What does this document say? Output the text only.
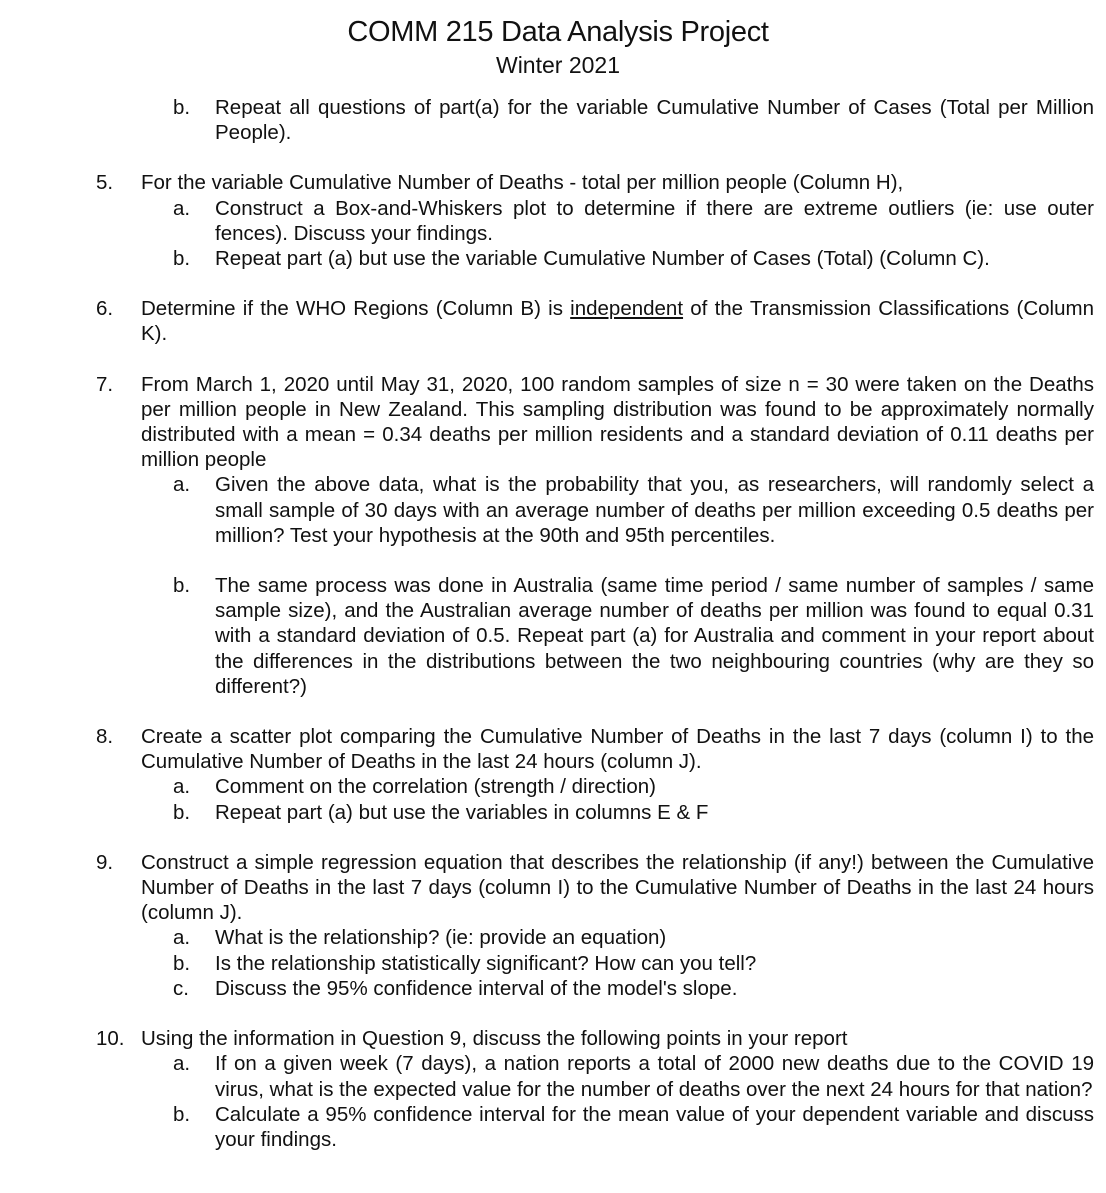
COMM 215 Data Analysis Project
Winter 2021
b.	Repeat all questions of part(a) for the variable Cumulative Number of Cases (Total per Million People).
5.	For the variable Cumulative Number of Deaths - total per million people (Column H),
a.	Construct a Box-and-Whiskers plot to determine if there are extreme outliers (ie: use outer fences). Discuss your findings.
b.	Repeat part (a) but use the variable Cumulative Number of Cases (Total) (Column C).
6.	Determine if the WHO Regions (Column B) is independent of the Transmission Classifications (Column K).
7.	From March 1, 2020 until May 31, 2020, 100 random samples of size n = 30 were taken on the Deaths per million people in New Zealand. This sampling distribution was found to be approximately normally distributed with a mean = 0.34 deaths per million residents and a standard deviation of 0.11 deaths per million people
a.	Given the above data, what is the probability that you, as researchers, will randomly select a small sample of 30 days with an average number of deaths per million exceeding 0.5 deaths per million? Test your hypothesis at the 90th and 95th percentiles.
b.	The same process was done in Australia (same time period / same number of samples / same sample size), and the Australian average number of deaths per million was found to equal 0.31 with a standard deviation of 0.5. Repeat part (a) for Australia and comment in your report about the differences in the distributions between the two neighbouring countries (why are they so different?)
8.	Create a scatter plot comparing the Cumulative Number of Deaths in the last 7 days (column I) to the Cumulative Number of Deaths in the last 24 hours (column J).
a.	Comment on the correlation (strength / direction)
b.	Repeat part (a) but use the variables in columns E & F
9.	Construct a simple regression equation that describes the relationship (if any!) between the Cumulative Number of Deaths in the last 7 days (column I) to the Cumulative Number of Deaths in the last 24 hours (column J).
a.	What is the relationship? (ie: provide an equation)
b.	Is the relationship statistically significant? How can you tell?
c.	Discuss the 95% confidence interval of the model's slope.
10. Using the information in Question 9, discuss the following points in your report
a.	If on a given week (7 days), a nation reports a total of 2000 new deaths due to the COVID 19 virus, what is the expected value for the number of deaths over the next 24 hours for that nation?
b.	Calculate a 95% confidence interval for the mean value of your dependent variable and discuss your findings.
